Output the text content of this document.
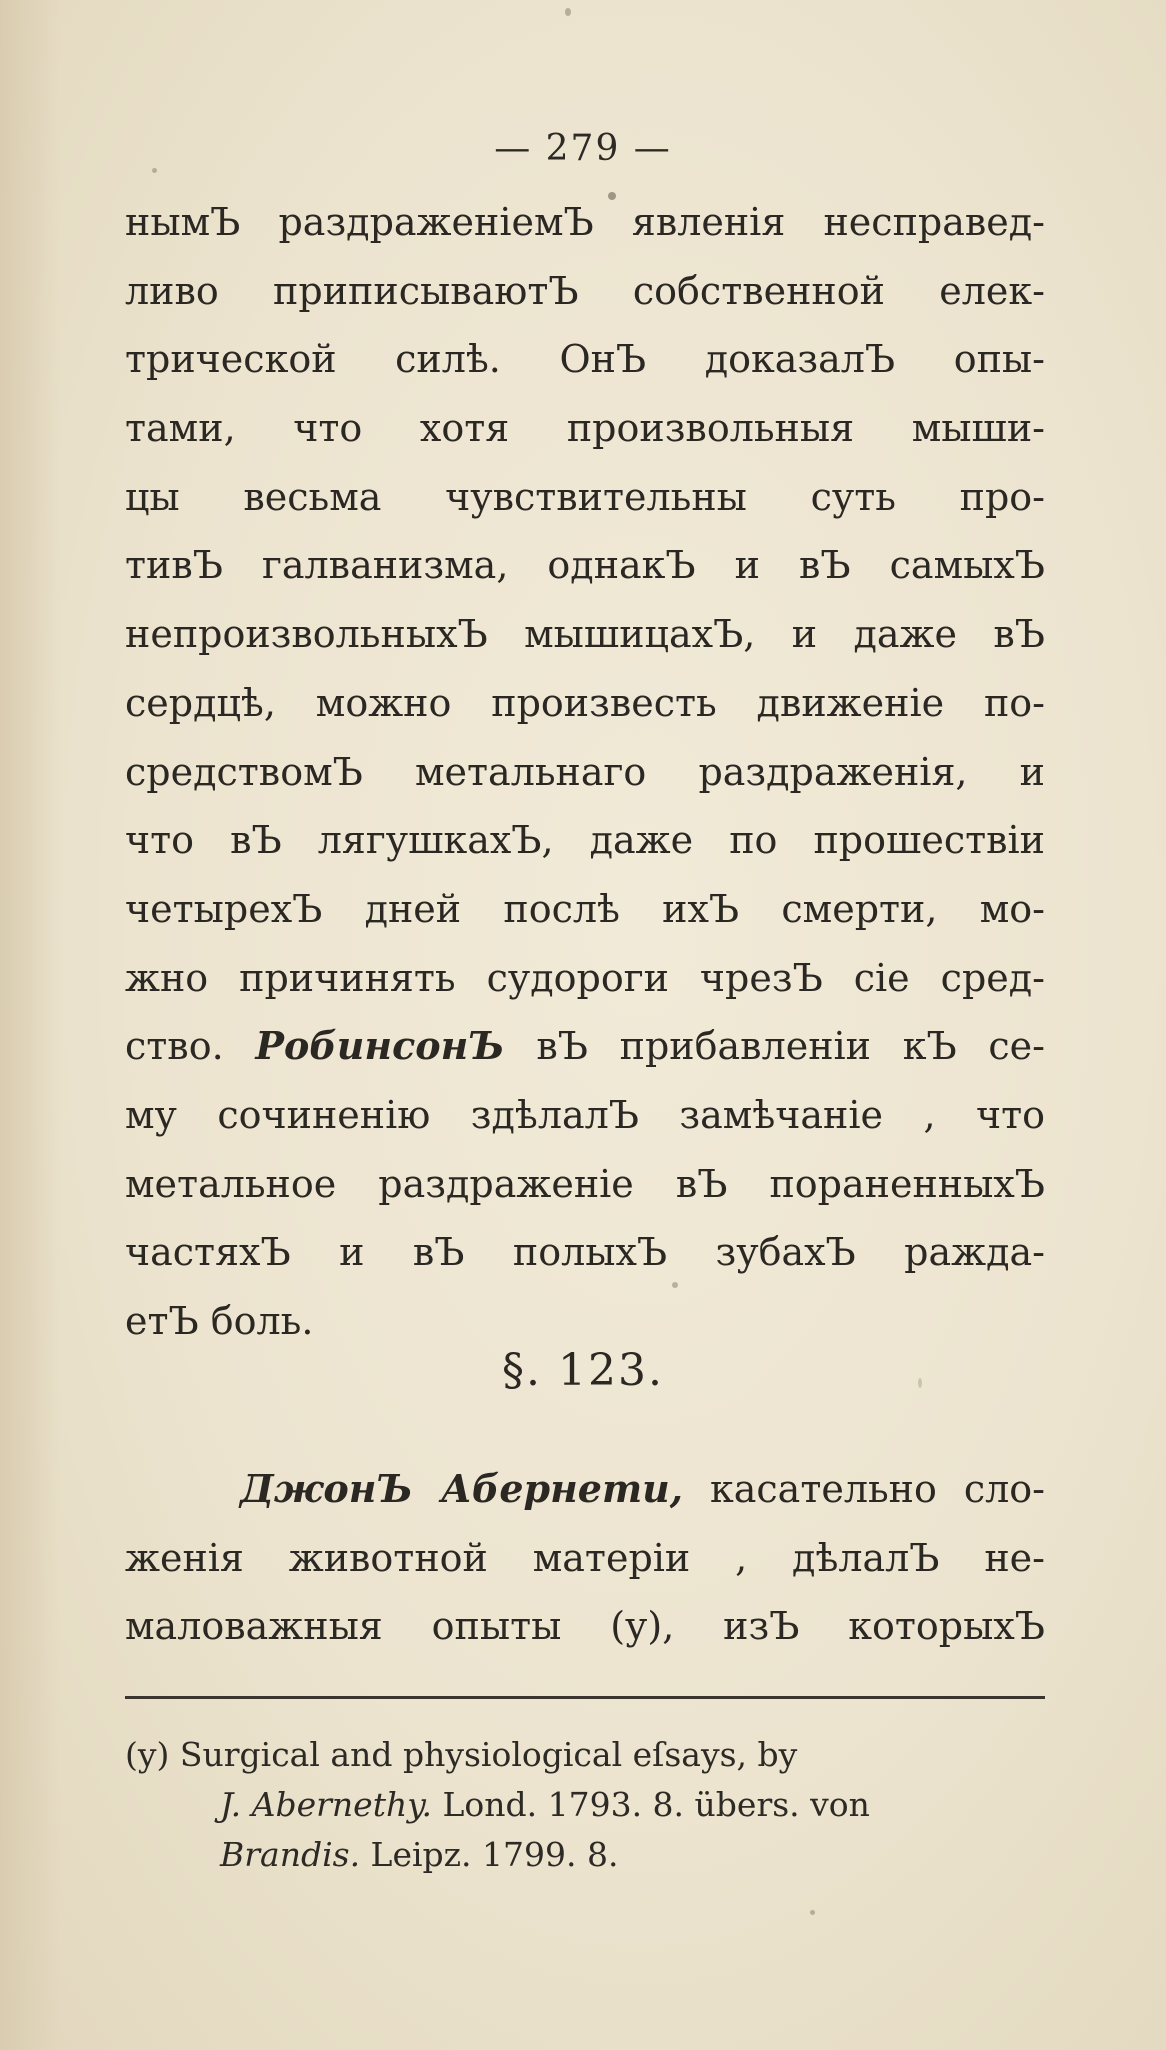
— 279 —
нымЪ раздраженіемЪ явленія несправед-
ливо приписываютЪ собственной елек-
трической силѣ. ОнЪ доказалЪ опы-
тами, что хотя произвольныя мыши-
цы весьма чувствительны суть про-
тивЪ галванизма, однакЪ и вЪ самыхЪ
непроизвольныхЪ мышицахЪ, и даже вЪ
сердцѣ, можно произвесть движеніе по-
средствомЪ метальнаго раздраженія, и
что вЪ лягушкахЪ, даже по прошествіи
четырехЪ дней послѣ ихЪ смерти, мо-
жно причинять судороги чрезЪ сіе сред-
ство. РобинсонЪ вЪ прибавленіи кЪ се-
му сочиненію здѣлалЪ замѣчаніе , что
метальное раздраженіе вЪ пораненныхЪ
частяхЪ и вЪ полыхЪ зубахЪ раждa-
етЪ боль.
§. 123.
ДжонЪ Абернети, касательно сло-
женія животной матеріи , дѣлалЪ не-
маловажныя опыты (у), изЪ которыхЪ
(y) Surgical and physiological eſsays, by
J. Abernethy. Lond. 1793. 8. übers. von
Brandis. Leipz. 1799. 8.
